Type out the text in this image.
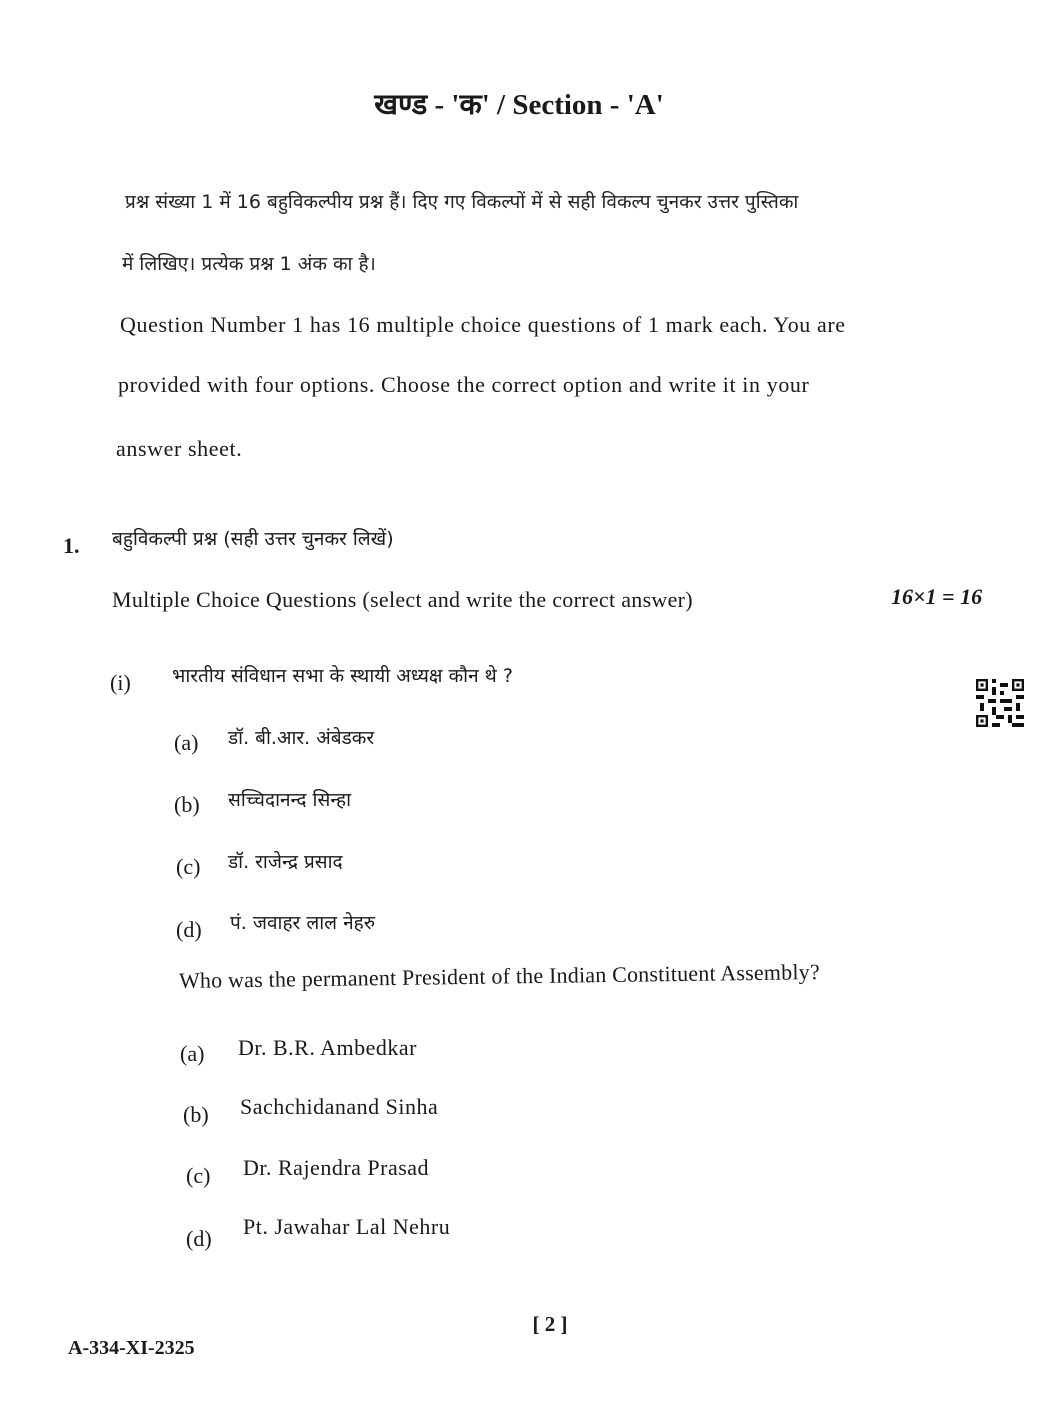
खण्ड - 'क' / Section - 'A'
प्रश्न संख्या 1 में 16 बहुविकल्पीय प्रश्न हैं। दिए गए विकल्पों में से सही विकल्प चुनकर उत्तर पुस्तिका
में लिखिए। प्रत्येक प्रश्न 1 अंक का है।
Question Number 1 has 16 multiple choice questions of 1 mark each. You are
provided with four options. Choose the correct option and write it in your
answer sheet.
1. बहुविकल्पी प्रश्न (सही उत्तर चुनकर लिखें)
Multiple Choice Questions (select and write the correct answer)	16×1 = 16
(i) भारतीय संविधान सभा के स्थायी अध्यक्ष कौन थे ?
(a) डॉ. बी.आर. अंबेडकर
(b) सच्चिदानन्द सिन्हा
(c) डॉ. राजेन्द्र प्रसाद
(d) पं. जवाहर लाल नेहरु
Who was the permanent President of the Indian Constituent Assembly?
(a) Dr. B.R. Ambedkar
(b) Sachchidanand Sinha
(c) Dr. Rajendra Prasad
(d) Pt. Jawahar Lal Nehru
[ 2 ]
A-334-XI-2325
